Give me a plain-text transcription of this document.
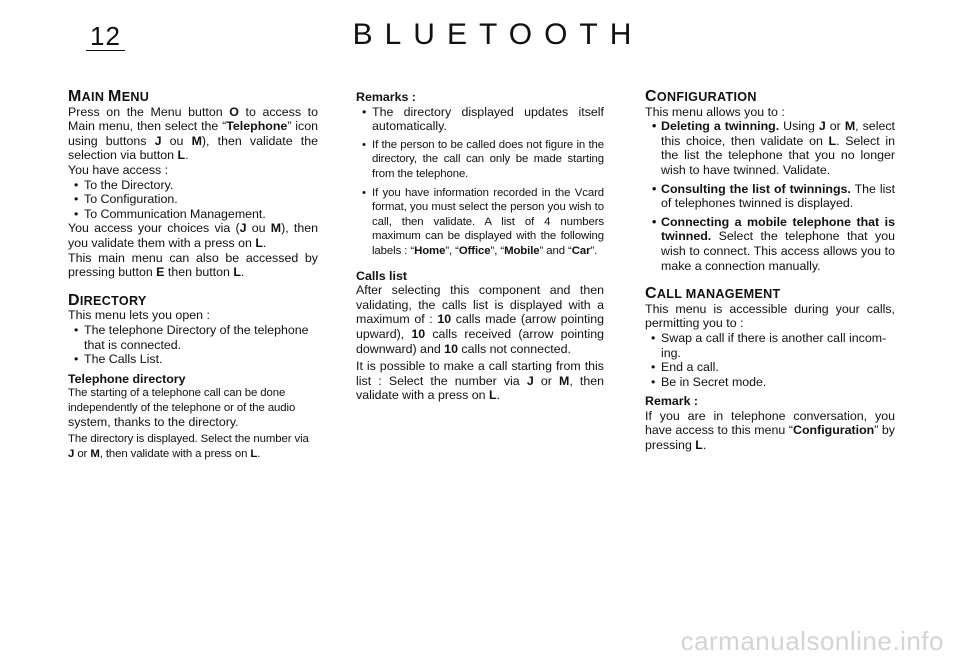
12	BLUETOOTH
MAIN MENU

Press on the Menu button O to access to Main menu, then select the “Telephone” icon using buttons J ou M), then validate the selection via button L.

You have access :

• To the Directory.
• To Configuration.
• To Communication Management.

You access your choices via (J ou M), then you validate them with a press on L.

This main menu can also be accessed by pressing button E then button L.

DIRECTORY

This menu lets you open :

• The telephone Directory of the telephone that is connected.
• The Calls List.

Telephone directory

The starting of a telephone call can be done

independently of the telephone or of the audio

system, thanks to the directory.

The directory is displayed. Select the number via J or M, then validate with a press on L.

Remarks :

• The directory displayed updates itself automatically.
• If the person to be called does not figure in the directory, the call can only be made starting from the telephone.
• If you have information recorded in the Vcard format, you must select the person you wish to call, then validate. A list of 4 numbers maximum can be displayed with the following labels : “Home”, “Office”, “Mobile” and “Car”.

Calls list

After selecting this component and then validating, the calls list is displayed with a maximum of : 10 calls made (arrow pointing upward), 10 calls received (arrow pointing downward) and 10 calls not connected.

It is possible to make a call starting from this list : Select the number via J or M, then validate with a press on L.

CONFIGURATION

This menu allows you to :

• Deleting a twinning. Using J or M, select this choice, then validate on L. Select in the list the telephone that you no longer wish to have twinned. Validate.
• Consulting the list of twinnings. The list of telephones twinned is displayed.
• Connecting a mobile telephone that is twinned. Select the telephone that you wish to connect. This access allows you to make a connection manually.
CALL MANAGEMENT

This menu is accessible during your calls, permitting you to :

• Swap a call if there is another call incom-ing.
• End a call.
• Be in Secret mode.

Remark :

If you are in telephone conversation, you have access to this menu “Configuration” by pressing L.

carmanualsonline.info
